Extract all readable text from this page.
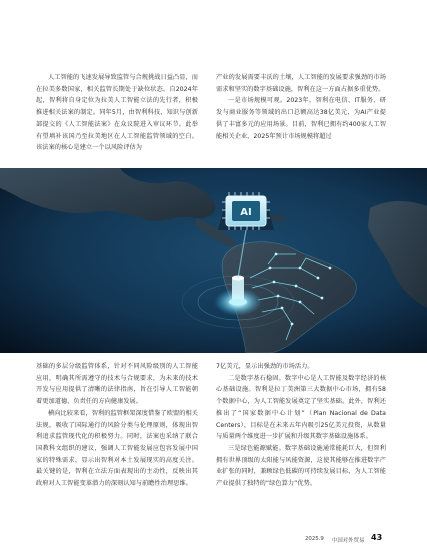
人工智能的飞速发展导致监管与合规挑战日益凸显，而在拉美多数国家，相关监管长期处于缺位状态。自2024年起，智利将自身定位为拉美人工智能立法的先行者，积极推进相关法案的制定。同年5月，由智利科技、知识与创新部提交的《人工智能法案》在众议院进入审议环节。此举有望填补该国乃至拉美地区在人工智能监管领域的空白。该法案的核心是建立一个以风险评估为

产业的发展需要丰沃的土壤，人工智能的发展要求强劲的市场需求和坚实的数字基础设施，智利在这一方面占据多重优势。

一是市场规模可观。2023年，智利在电信、IT服务、研发与商业服务等领域的出口总额高达38亿美元，为AI产业提供了丰富多元的应用场景。目前，智利已拥有约400家人工智能相关企业，2025年预计市场规模将超过

AI

基础的多层分级监管体系，针对不同风险级别的人工智能应用，明确其所需遵守的技术与合规要求，为未来的技术开发与应用提供了清晰的法律指南，旨在引导人工智能朝着更加道德、负责任的方向健康发展。

横向比较来看，智利的监管框架深度借鉴了欧盟的相关法规，吸收了国际通行的风险分类与伦理原则，体现出智利追求监管现代化的积极努力。同时，法案也采纳了联合国教科文组织的建议，强调人工智能发展应包容发展中国家的特殊需求，显示出智利对本土发展现实的高度关注。最关键的是，智利在立法方面表现出的主动性，反映出其政府对人工智能变革潜力的深刻认知与前瞻性治理思维。

7亿美元，显示出强劲的市场活力。

二是数字基石稳固。数字中心是人工智能及数字经济的核心基础设施。智利是拉丁美洲第三大数据中心市场，拥有58个数据中心，为人工智能发展奠定了坚实基础。此外，智利还推出了“国家数据中心计划”（Plan Nacional de Data Centers），目标是在未来五年内吸引25亿美元投资，从数量与质量两个维度进一步扩展和升级其数字基础设施体系。

三是绿色能源赋能。数字基础设施通常能耗巨大，但智利拥有世界顶级的太阳能与风能资源，这使其能够在推进数字产业扩张的同时，兼顾绿色低碳的可持续发展目标，为人工智能产业提供了独特的“绿色算力”优势。

2025.9 中国对外贸易 43
